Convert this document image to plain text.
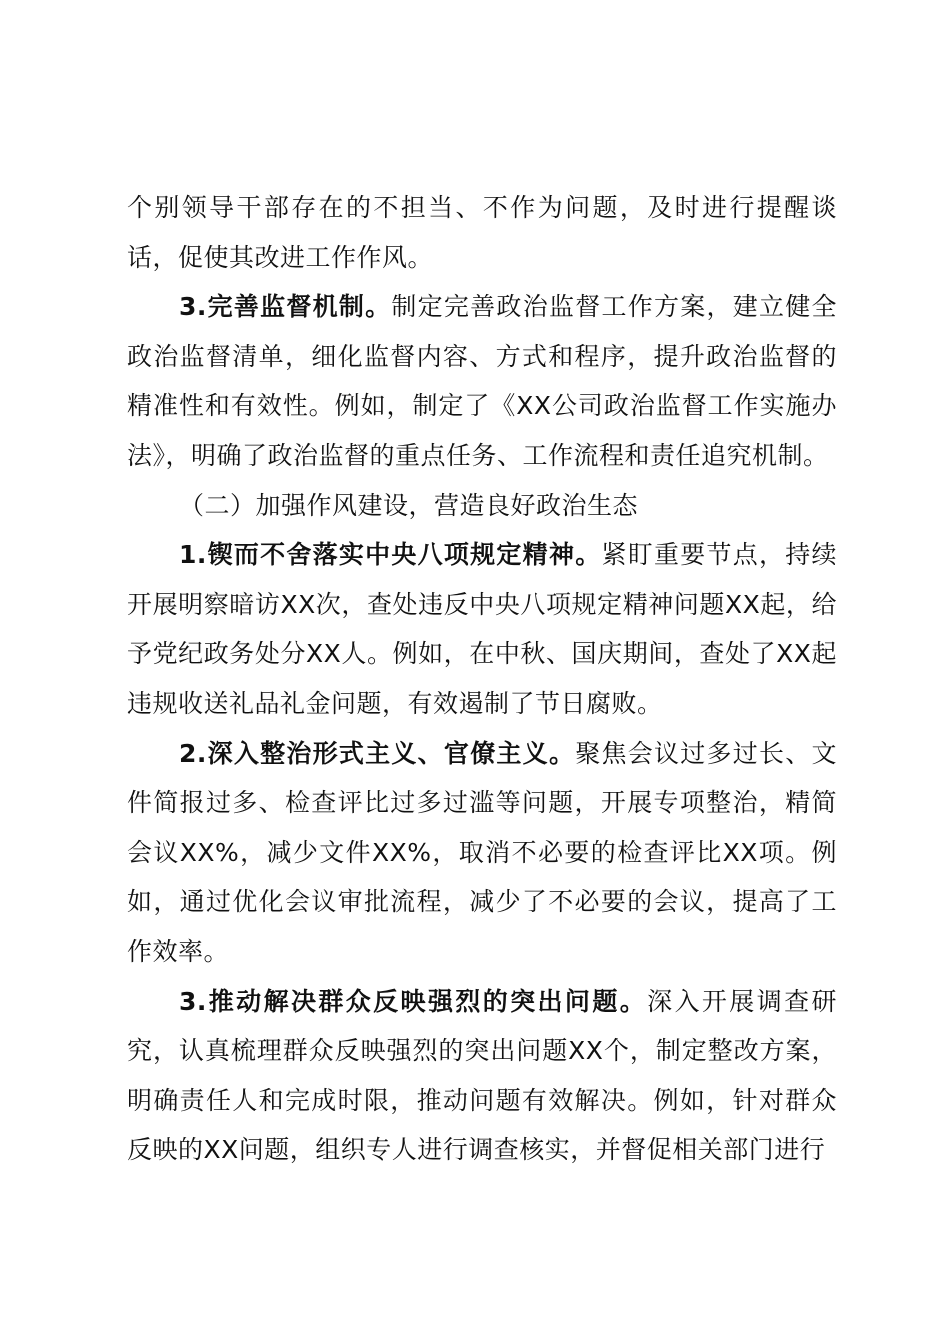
个别领导干部存在的不担当、不作为问题，及时进行提醒谈话，促使其改进工作作风。

3.完善监督机制。制定完善政治监督工作方案，建立健全政治监督清单，细化监督内容、方式和程序，提升政治监督的精准性和有效性。例如，制定了《XX公司政治监督工作实施办法》，明确了政治监督的重点任务、工作流程和责任追究机制。

（二）加强作风建设，营造良好政治生态

1.锲而不舍落实中央八项规定精神。紧盯重要节点，持续开展明察暗访XX次，查处违反中央八项规定精神问题XX起，给予党纪政务处分XX人。例如，在中秋、国庆期间，查处了XX起违规收送礼品礼金问题，有效遏制了节日腐败。

2.深入整治形式主义、官僚主义。聚焦会议过多过长、文件简报过多、检查评比过多过滥等问题，开展专项整治，精简会议XX%，减少文件XX%，取消不必要的检查评比XX项。例如，通过优化会议审批流程，减少了不必要的会议，提高了工作效率。

3.推动解决群众反映强烈的突出问题。深入开展调查研究，认真梳理群众反映强烈的突出问题XX个，制定整改方案，明确责任人和完成时限，推动问题有效解决。例如，针对群众反映的XX问题，组织专人进行调查核实，并督促相关部门进行
